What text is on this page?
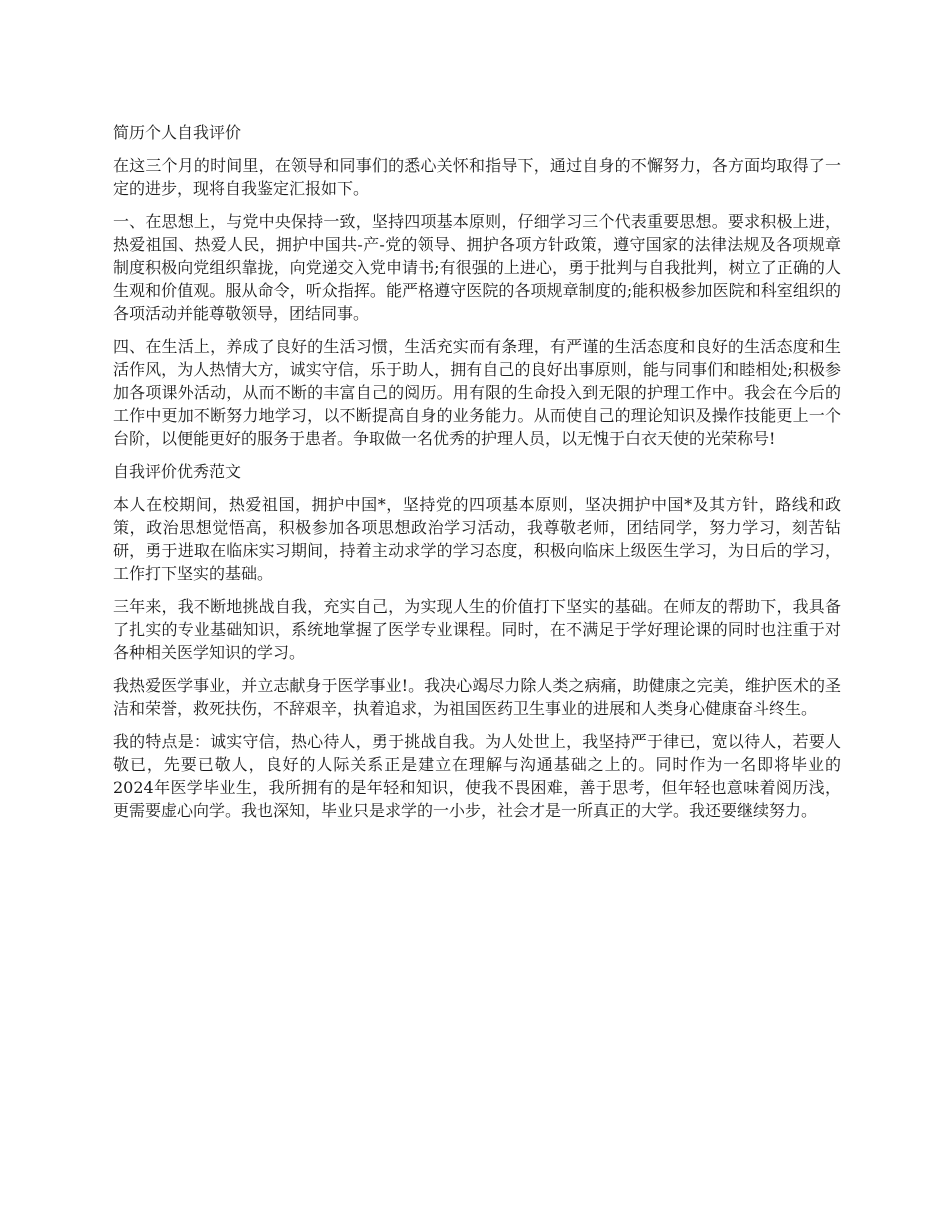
简历个人自我评价

在这三个月的时间里，在领导和同事们的悉心关怀和指导下，通过自身的不懈努力，各方面均取得了一定的进步，现将自我鉴定汇报如下。

一、在思想上，与党中央保持一致，坚持四项基本原则，仔细学习三个代表重要思想。要求积极上进，热爱祖国、热爱人民，拥护中国共-产-党的领导、拥护各项方针政策，遵守国家的法律法规及各项规章制度积极向党组织靠拢，向党递交入党申请书;有很强的上进心，勇于批判与自我批判，树立了正确的人生观和价值观。服从命令，听众指挥。能严格遵守医院的各项规章制度的;能积极参加医院和科室组织的各项活动并能尊敬领导，团结同事。

四、在生活上，养成了良好的生活习惯，生活充实而有条理，有严谨的生活态度和良好的生活态度和生活作风，为人热情大方，诚实守信，乐于助人，拥有自己的良好出事原则，能与同事们和睦相处;积极参加各项课外活动，从而不断的丰富自己的阅历。用有限的生命投入到无限的护理工作中。我会在今后的工作中更加不断努力地学习，以不断提高自身的业务能力。从而使自己的理论知识及操作技能更上一个台阶，以便能更好的服务于患者。争取做一名优秀的护理人员，以无愧于白衣天使的光荣称号!

自我评价优秀范文

本人在校期间，热爱祖国，拥护中国*，坚持党的四项基本原则，坚决拥护中国*及其方针，路线和政策，政治思想觉悟高，积极参加各项思想政治学习活动，我尊敬老师，团结同学，努力学习，刻苦钻研，勇于进取在临床实习期间，持着主动求学的学习态度，积极向临床上级医生学习，为日后的学习，工作打下坚实的基础。

三年来，我不断地挑战自我，充实自己，为实现人生的价值打下坚实的基础。在师友的帮助下，我具备了扎实的专业基础知识，系统地掌握了医学专业课程。同时，在不满足于学好理论课的同时也注重于对各种相关医学知识的学习。

我热爱医学事业，并立志献身于医学事业!。我决心竭尽力除人类之病痛，助健康之完美，维护医术的圣洁和荣誉，救死扶伤，不辞艰辛，执着追求，为祖国医药卫生事业的进展和人类身心健康奋斗终生。

我的特点是：诚实守信，热心待人，勇于挑战自我。为人处世上，我坚持严于律已，宽以待人，若要人敬已，先要已敬人，良好的人际关系正是建立在理解与沟通基础之上的。同时作为一名即将毕业的2024年医学毕业生，我所拥有的是年轻和知识，使我不畏困难，善于思考，但年轻也意味着阅历浅，更需要虚心向学。我也深知，毕业只是求学的一小步，社会才是一所真正的大学。我还要继续努力。
